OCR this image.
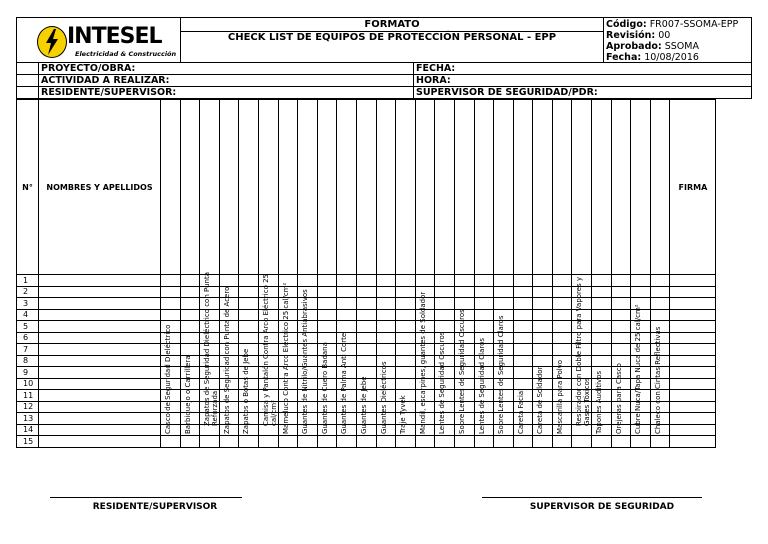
INTESEL
Electricidad & Construcción
FORMATO
CHECK LIST DE EQUIPOS DE PROTECCIÓN PERSONAL - EPP
Código: FR007-SSOMA-EPP
Revisión: 00
Aprobado: SSOMA
Fecha: 10/08/2016
PROYECTO/OBRA:	FECHA:
ACTIVIDAD A REALIZAR:	HORA:
RESIDENTE/SUPERVISOR:	SUPERVISOR DE SEGURIDAD/PDR:
N°	NOMBRES Y APELLIDOS	Casco de Seguridad Dieléctrico	Barbiquejo o Carrillera	Zapatos de Seguridad Dieléctrico con Punta Reforzada	Zapatos de Seguridad con Punta de Acero	Zapatos o Botas de Jebe	Camisa y Pantalón Contra Arco Eléctrico 25 cal/cm²	Mameluco Contra Arco Eléctrico 25 cal/cm²	Guantes de Nitrilo/Guantes Antiabrasivos	Guantes de Cuero Badana	Guantes de Palma Anti Corte	Guantes de Jebe	Guantes Dieléctricos	Traje Tyvek	Mandil, escarpines, guantes de Soldador	Lentes de Seguridad Oscuros	Sobre Lentes de Seguridad Oscuros	Lentes de Seguridad Claros	Sobre Lentes de Seguridad Claros	Careta Facial	Careta de Soldador	Mascarilla para Polvo	Respirador con Doble Filtro para Vapores y Gases Tóxicos	Tapones Auditivos	Orejeras para Casco	Cubre Nuca/Tapa Nuca de 25 cal/cm²	Chaleco con Cintas Reflectivas	FIRMA
1																												
2																												
3																												
4																												
5																												
6																												
7																												
8																												
9																												
10																												
11																												
12																												
13																												
14																												
15																												
RESIDENTE/SUPERVISOR	SUPERVISOR DE SEGURIDAD
